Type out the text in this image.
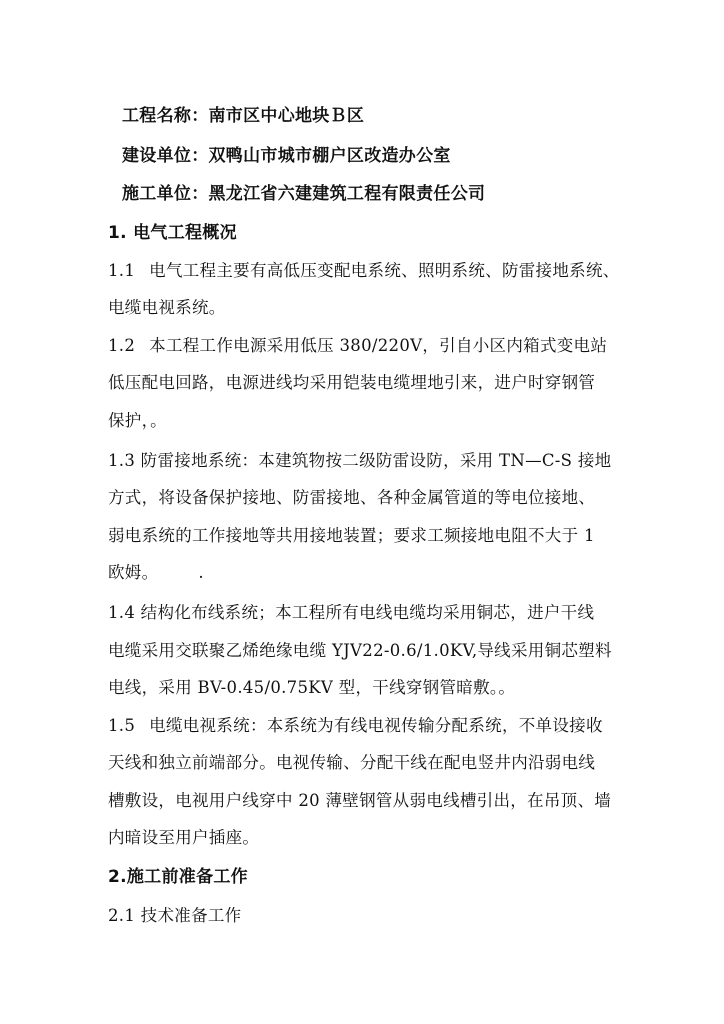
工程名称：南市区中心地块Ｂ区
建设单位：双鸭山市城市棚户区改造办公室
施工单位：黑龙江省六建建筑工程有限责任公司
1. 电气工程概况
1.1 电气工程主要有高低压变配电系统、照明系统、防雷接地系统、
电缆电视系统。
1.2 本工程工作电源采用低压 380/220V，引自小区内箱式变电站
低压配电回路，电源进线均采用铠装电缆埋地引来，进户时穿钢管
保护，。
1.3 防雷接地系统：本建筑物按二级防雷设防，采用 TN—C-S 接地
方式，将设备保护接地、防雷接地、各种金属管道的等电位接地、
弱电系统的工作接地等共用接地装置；要求工频接地电阻不大于 1
欧姆。 .
1.4 结构化布线系统；本工程所有电线电缆均采用铜芯，进户干线
电缆采用交联聚乙烯绝缘电缆 YJV22-0.6/1.0KV,导线采用铜芯塑料
电线，采用 BV-0.45/0.75KV 型，干线穿钢管暗敷。。
1.5 电缆电视系统：本系统为有线电视传输分配系统，不单设接收
天线和独立前端部分。电视传输、分配干线在配电竖井内沿弱电线
槽敷设，电视用户线穿中 20 薄壁钢管从弱电线槽引出，在吊顶、墙
内暗设至用户插座。
2.施工前准备工作
2.1 技术准备工作
